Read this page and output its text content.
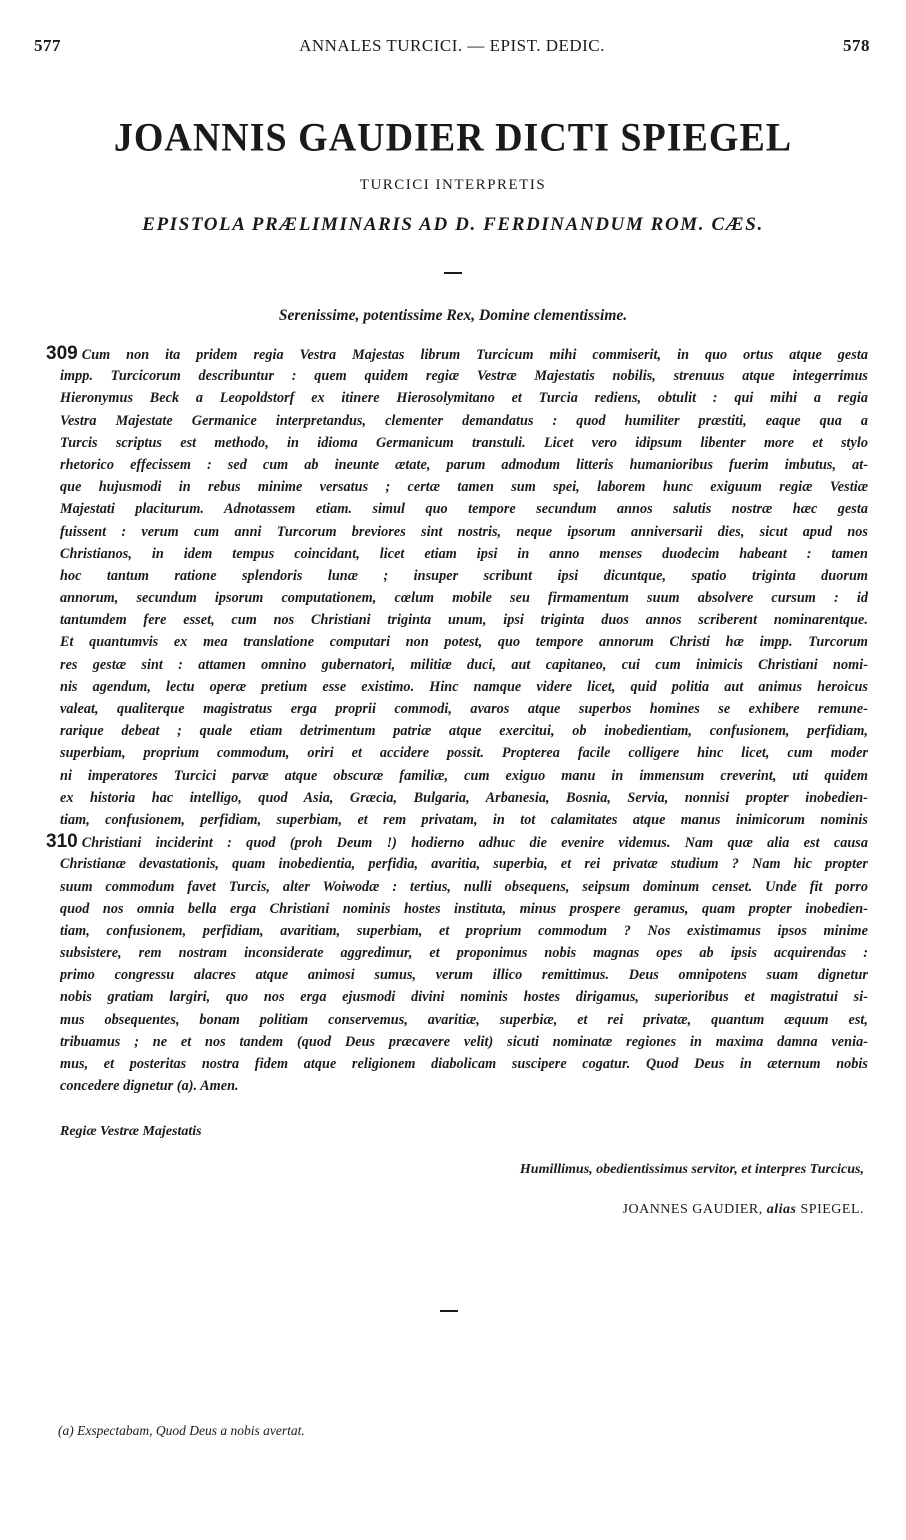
577	ANNALES TURCICI. — EPIST. DEDIC.	578
JOANNIS GAUDIER DICTI SPIEGEL
TURCICI INTERPRETIS
EPISTOLA PRÆLIMINARIS AD D. FERDINANDUM ROM. CÆS.
Serenissime, potentissime Rex, Domine clementissime.
309 Cum non ita pridem regia Vestra Majestas librum Turcicum mihi commiserit, in quo ortus atque gesta
impp. Turcicorum describuntur : quem quidem regiæ Vestræ Majestatis nobilis, strenuus atque integerrimus
Hieronymus Beck a Leopoldstorf ex itinere Hierosolymitano et Turcia rediens, obtulit : qui mihi a regia
Vestra Majestate Germanice interpretandus, clementer demandatus : quod humiliter præstiti, eaque qua a
Turcis scriptus est methodo, in idioma Germanicum transtuli. Licet vero idipsum libenter more et stylo
rhetorico effecissem : sed cum ab ineunte ætate, parum admodum litteris humanioribus fuerim imbutus, at-
que hujusmodi in rebus minime versatus ; certæ tamen sum spei, laborem hunc exiguum regiæ Vestiæ
Majestati placiturum. Adnotassem etiam. simul quo tempore secundum annos salutis nostræ hæc gesta
fuissent : verum cum anni Turcorum breviores sint nostris, neque ipsorum anniversarii dies, sicut apud nos
Christianos, in idem tempus coincidant, licet etiam ipsi in anno menses duodecim habeant : tamen
hoc tantum ratione splendoris lunæ ; insuper scribunt ipsi dicuntque, spatio triginta duorum
annorum, secundum ipsorum computationem, cœlum mobile seu firmamentum suum absolvere cursum : id
tantumdem fere esset, cum nos Christiani triginta unum, ipsi triginta duos annos scriberent nominarentque.
Et quantumvis ex mea translatione computari non potest, quo tempore annorum Christi hæ impp. Turcorum
res gestæ sint : attamen omnino gubernatori, militiæ duci, aut capitaneo, cui cum inimicis Christiani nomi-
nis agendum, lectu operæ pretium esse existimo. Hinc namque videre licet, quid politia aut animus heroicus
valeat, qualiterque magistratus erga proprii commodi, avaros atque superbos homines se exhibere remune-
rarique debeat ; quale etiam detrimentum patriæ atque exercitui, ob inobedientiam, confusionem, perfidiam,
superbiam, proprium commodum, oriri et accidere possit. Propterea facile colligere hinc licet, cum moder
ni imperatores Turcici parvæ atque obscuræ familiæ, cum exiguo manu in immensum creverint, uti quidem
ex historia hac intelligo, quod Asia, Græcia, Bulgaria, Arbanesia, Bosnia, Servia, nonnisi propter inobedien-
tiam, confusionem, perfidiam, superbiam, et rem privatam, in tot calamitates atque manus inimicorum nominis
310 Christiani inciderint : quod (proh Deum !) hodierno adhuc die evenire videmus. Nam quæ alia est causa
Christianæ devastationis, quam inobedientia, perfidia, avaritia, superbia, et rei privatæ studium ? Nam hic propter
suum commodum favet Turcis, alter Woiwodæ : tertius, nulli obsequens, seipsum dominum censet. Unde fit porro
quod nos omnia bella erga Christiani nominis hostes instituta, minus prospere geramus, quam propter inobedien-
tiam, confusionem, perfidiam, avaritiam, superbiam, et proprium commodum ? Nos existimamus ipsos minime
subsistere, rem nostram inconsiderate aggredimur, et proponimus nobis magnas opes ab ipsis acquirendas :
primo congressu alacres atque animosi sumus, verum illico remittimus. Deus omnipotens suam dignetur
nobis gratiam largiri, quo nos erga ejusmodi divini nominis hostes dirigamus, superioribus et magistratui si-
mus obsequentes, bonam politiam conservemus, avaritiæ, superbiæ, et rei privatæ, quantum æquum est,
tribuamus ; ne et nos tandem (quod Deus præcavere velit) sicuti nominatæ regiones in maxima damna venia-
mus, et posteritas nostra fidem atque religionem diabolicam suscipere cogatur. Quod Deus in æternum nobis
concedere dignetur (a). Amen.
Regiæ Vestræ Majestatis
Humillimus, obedientissimus servitor, et interpres Turcicus,
JOANNES GAUDIER, alias SPIEGEL.
(a) Exspectabam, Quod Deus a nobis avertat.
